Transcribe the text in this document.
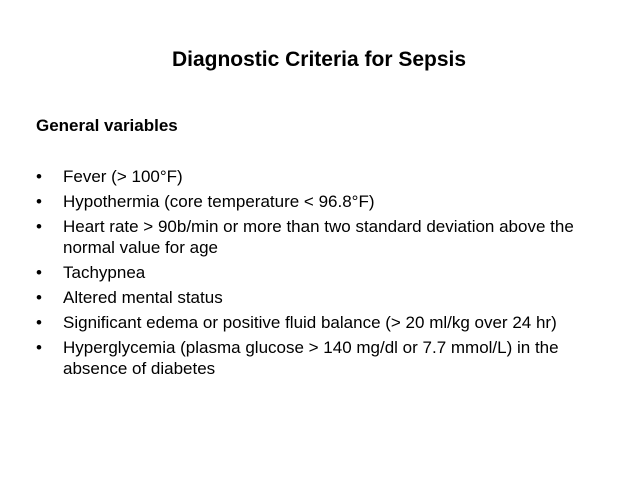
Diagnostic Criteria for Sepsis
General variables
•	Fever (> 100°F)
•	Hypothermia (core temperature < 96.8°F)
•	Heart rate > 90b/min or more than two standard deviation above the normal value for age
•	Tachypnea
•	Altered mental status
•	Significant edema or positive fluid balance (> 20 ml/kg over 24 hr)
•	Hyperglycemia (plasma glucose > 140 mg/dl or 7.7 mmol/L) in the absence of diabetes
